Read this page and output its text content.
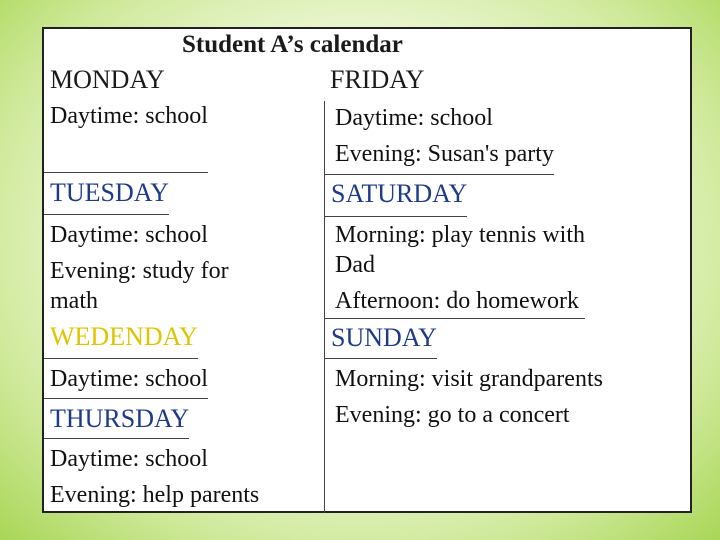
Student A’s calendar
MONDAY
Daytime: school
TUESDAY
Daytime: school
Evening: study for
math
WEDENDAY
Daytime: school
THURSDAY
Daytime: school
Evening: help parents
FRIDAY
Daytime: school
Evening: Susan's party
SATURDAY
Morning: play tennis with
Dad
Afternoon: do homework
SUNDAY
Morning: visit grandparents
Evening: go to a concert
